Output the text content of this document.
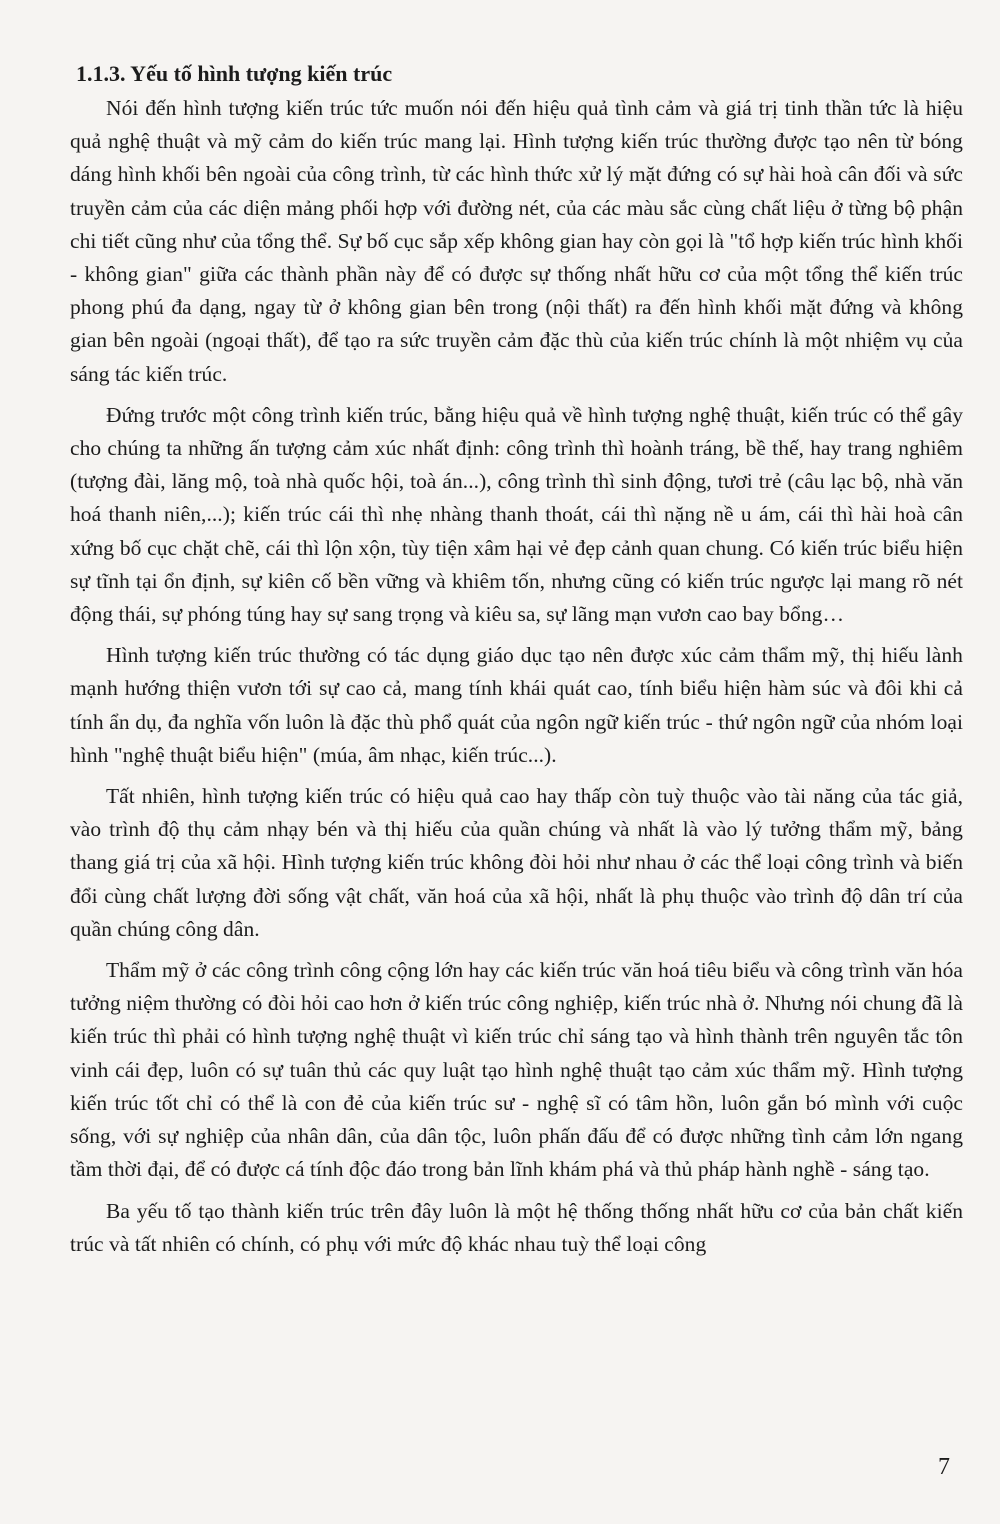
1.1.3. Yếu tố hình tượng kiến trúc

Nói đến hình tượng kiến trúc tức muốn nói đến hiệu quả tình cảm và giá trị tinh thần tức là hiệu quả nghệ thuật và mỹ cảm do kiến trúc mang lại. Hình tượng kiến trúc thường được tạo nên từ bóng dáng hình khối bên ngoài của công trình, từ các hình thức xử lý mặt đứng có sự hài hoà cân đối và sức truyền cảm của các diện mảng phối hợp với đường nét, của các màu sắc cùng chất liệu ở từng bộ phận chi tiết cũng như của tổng thể. Sự bố cục sắp xếp không gian hay còn gọi là "tổ hợp kiến trúc hình khối - không gian" giữa các thành phần này để có được sự thống nhất hữu cơ của một tổng thể kiến trúc phong phú đa dạng, ngay từ ở không gian bên trong (nội thất) ra đến hình khối mặt đứng và không gian bên ngoài (ngoại thất), để tạo ra sức truyền cảm đặc thù của kiến trúc chính là một nhiệm vụ của sáng tác kiến trúc.

Đứng trước một công trình kiến trúc, bằng hiệu quả về hình tượng nghệ thuật, kiến trúc có thể gây cho chúng ta những ấn tượng cảm xúc nhất định: công trình thì hoành tráng, bề thế, hay trang nghiêm (tượng đài, lăng mộ, toà nhà quốc hội, toà án...), công trình thì sinh động, tươi trẻ (câu lạc bộ, nhà văn hoá thanh niên,...); kiến trúc cái thì nhẹ nhàng thanh thoát, cái thì nặng nề u ám, cái thì hài hoà cân xứng bố cục chặt chẽ, cái thì lộn xộn, tùy tiện xâm hại vẻ đẹp cảnh quan chung. Có kiến trúc biểu hiện sự tĩnh tại ổn định, sự kiên cố bền vững và khiêm tốn, nhưng cũng có kiến trúc ngược lại mang rõ nét động thái, sự phóng túng hay sự sang trọng và kiêu sa, sự lãng mạn vươn cao bay bổng…

Hình tượng kiến trúc thường có tác dụng giáo dục tạo nên được xúc cảm thẩm mỹ, thị hiếu lành mạnh hướng thiện vươn tới sự cao cả, mang tính khái quát cao, tính biểu hiện hàm súc và đôi khi cả tính ẩn dụ, đa nghĩa vốn luôn là đặc thù phổ quát của ngôn ngữ kiến trúc - thứ ngôn ngữ của nhóm loại hình "nghệ thuật biểu hiện" (múa, âm nhạc, kiến trúc...).

Tất nhiên, hình tượng kiến trúc có hiệu quả cao hay thấp còn tuỳ thuộc vào tài năng của tác giả, vào trình độ thụ cảm nhạy bén và thị hiếu của quần chúng và nhất là vào lý tưởng thẩm mỹ, bảng thang giá trị của xã hội. Hình tượng kiến trúc không đòi hỏi như nhau ở các thể loại công trình và biến đổi cùng chất lượng đời sống vật chất, văn hoá của xã hội, nhất là phụ thuộc vào trình độ dân trí của quần chúng công dân.

Thẩm mỹ ở các công trình công cộng lớn hay các kiến trúc văn hoá tiêu biểu và công trình văn hóa tưởng niệm thường có đòi hỏi cao hơn ở kiến trúc công nghiệp, kiến trúc nhà ở. Nhưng nói chung đã là kiến trúc thì phải có hình tượng nghệ thuật vì kiến trúc chỉ sáng tạo và hình thành trên nguyên tắc tôn vinh cái đẹp, luôn có sự tuân thủ các quy luật tạo hình nghệ thuật tạo cảm xúc thẩm mỹ. Hình tượng kiến trúc tốt chỉ có thể là con đẻ của kiến trúc sư - nghệ sĩ có tâm hồn, luôn gắn bó mình với cuộc sống, với sự nghiệp của nhân dân, của dân tộc, luôn phấn đấu để có được những tình cảm lớn ngang tầm thời đại, để có được cá tính độc đáo trong bản lĩnh khám phá và thủ pháp hành nghề - sáng tạo.

Ba yếu tố tạo thành kiến trúc trên đây luôn là một hệ thống thống nhất hữu cơ của bản chất kiến trúc và tất nhiên có chính, có phụ với mức độ khác nhau tuỳ thể loại công

7
